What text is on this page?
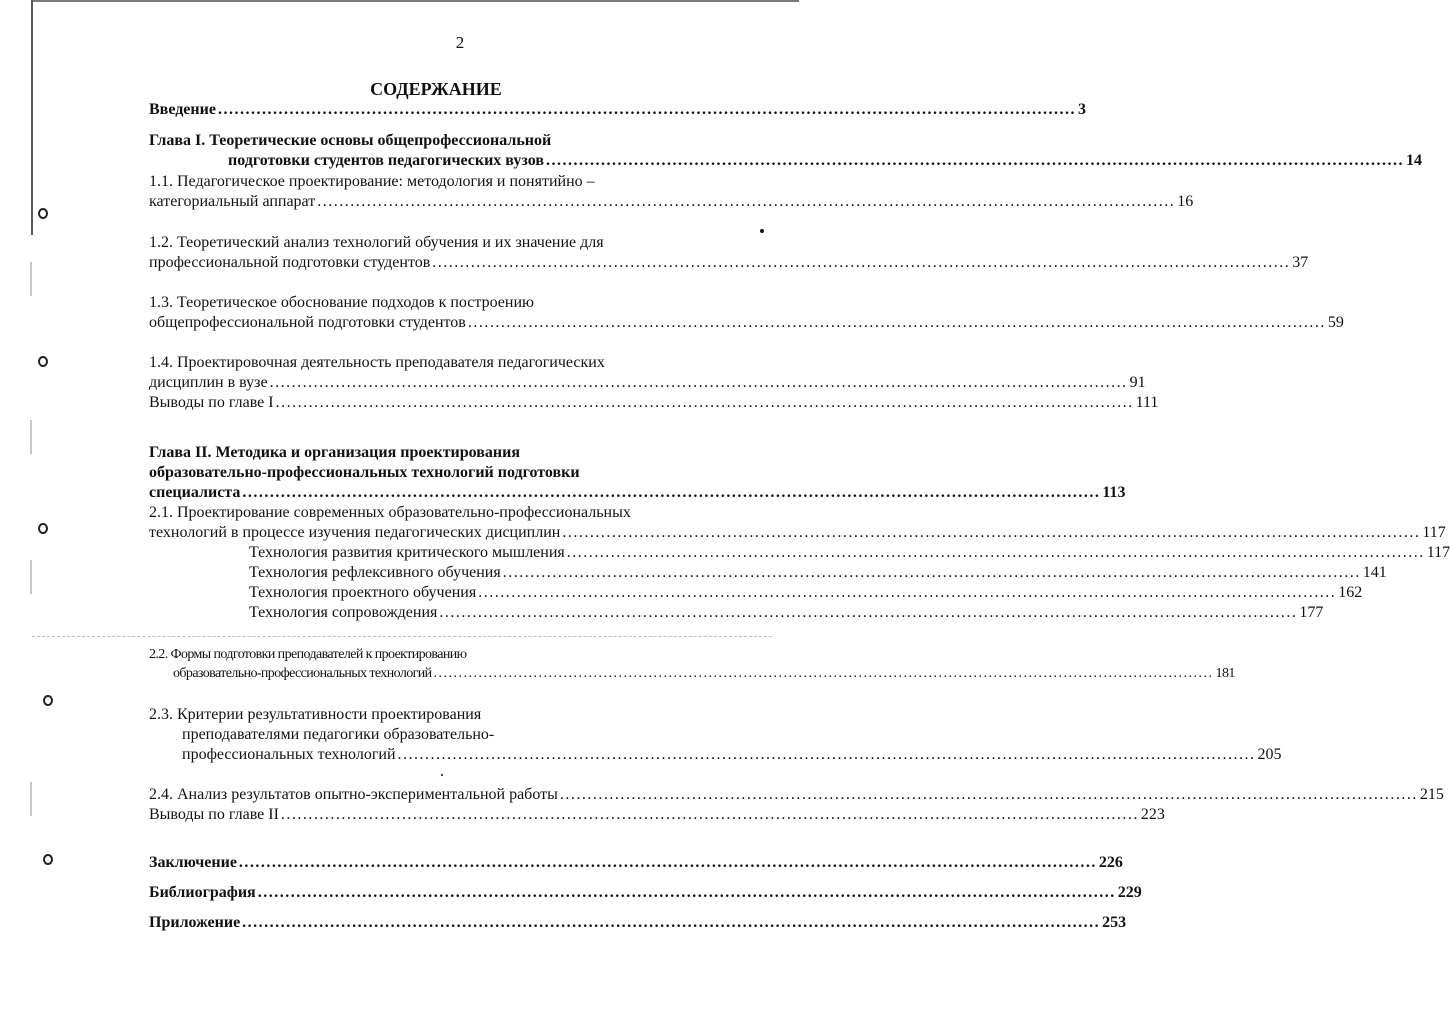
2
СОДЕРЖАНИЕ
Введение ............................................................................................................................................................ 3
Глава I. Теоретические основы общепрофессиональной
подготовки студентов педагогических вузов ............................................................................................................................................................ 14
1.1. Педагогическое проектирование: методология и понятийно –
категориальный аппарат ............................................................................................................................................................ 16
1.2. Теоретический анализ технологий обучения и их значение для
профессиональной подготовки студентов ............................................................................................................................................................ 37
1.3. Теоретическое обоснование подходов к построению
общепрофессиональной подготовки студентов ............................................................................................................................................................ 59
1.4. Проектировочная деятельность преподавателя педагогических
дисциплин в вузе ............................................................................................................................................................ 91
Выводы по главе I ............................................................................................................................................................ 111
Глава II. Методика и организация проектирования
образовательно-профессиональных технологий подготовки
специалиста ............................................................................................................................................................ 113
2.1. Проектирование современных образовательно-профессиональных
технологий в процессе изучения педагогических дисциплин ............................................................................................................................................................ 117
Технология развития критического мышления ............................................................................................................................................................ 117
Технология рефлексивного обучения ............................................................................................................................................................ 141
Технология проектного обучения ............................................................................................................................................................ 162
Технология сопровождения ............................................................................................................................................................ 177
2.2. Формы подготовки преподавателей к проектированию
образовательно-профессиональных технологий ............................................................................................................................................................ 181
2.3. Критерии результативности проектирования
преподавателями педагогики образовательно-
профессиональных технологий ............................................................................................................................................................ 205
2.4. Анализ результатов опытно-экспериментальной работы ............................................................................................................................................................ 215
Выводы по главе II ............................................................................................................................................................ 223
Заключение ............................................................................................................................................................ 226
Библиография ............................................................................................................................................................ 229
Приложение ............................................................................................................................................................ 253
